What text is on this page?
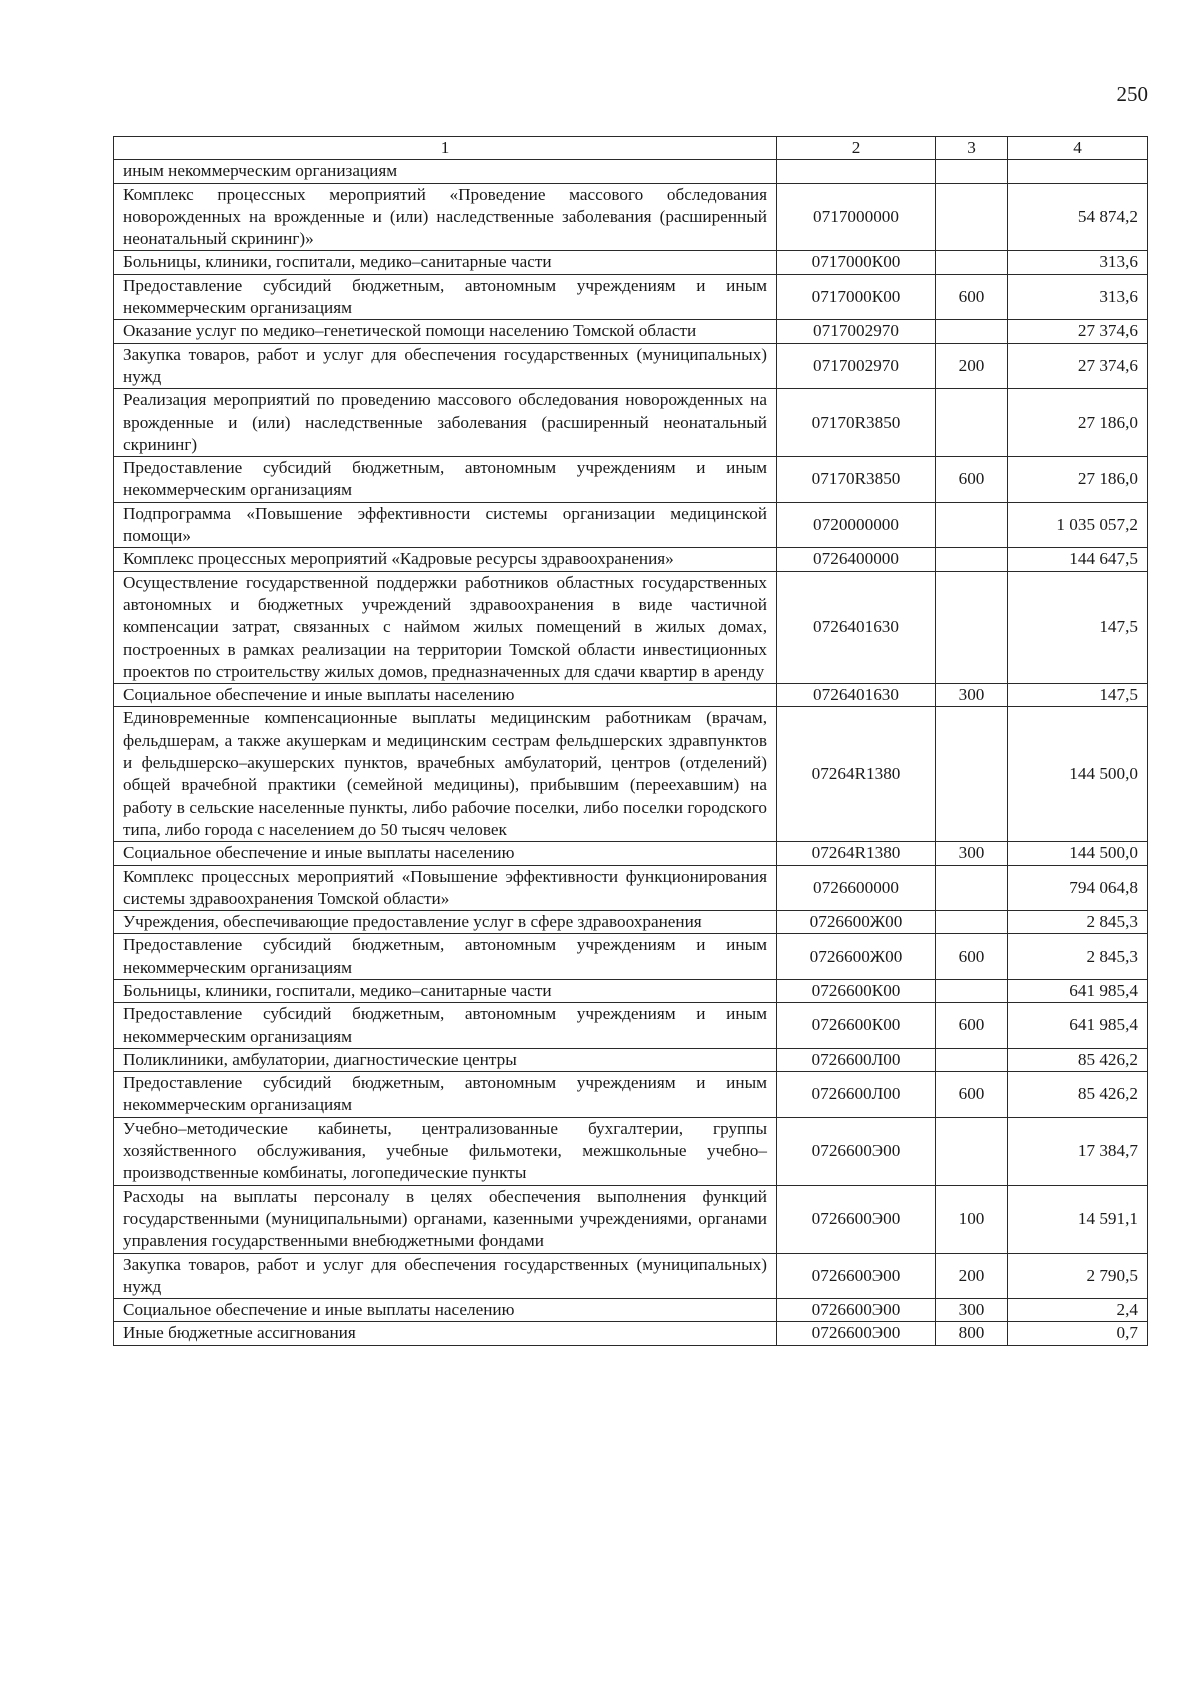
250
1	2	3	4
иным некоммерческим организациям			
Комплекс процессных мероприятий «Проведение массового обследования новорожденных на врожденные и (или) наследственные заболевания (расширенный неонатальный скрининг)»	0717000000		54 874,2
Больницы, клиники, госпитали, медико–санитарные части	0717000К00		313,6
Предоставление субсидий бюджетным, автономным учреждениям и иным некоммерческим организациям	0717000К00	600	313,6
Оказание услуг по медико–генетической помощи населению Томской области	0717002970		27 374,6
Закупка товаров, работ и услуг для обеспечения государственных (муниципальных) нужд	0717002970	200	27 374,6
Реализация мероприятий по проведению массового обследования новорожденных на врожденные и (или) наследственные заболевания (расширенный неонатальный скрининг)	07170R3850		27 186,0
Предоставление субсидий бюджетным, автономным учреждениям и иным некоммерческим организациям	07170R3850	600	27 186,0
Подпрограмма «Повышение эффективности системы организации медицинской помощи»	0720000000		1 035 057,2
Комплекс процессных мероприятий «Кадровые ресурсы здравоохранения»	0726400000		144 647,5
Осуществление государственной поддержки работников областных государственных автономных и бюджетных учреждений здравоохранения в виде частичной компенсации затрат, связанных с наймом жилых помещений в жилых домах, построенных в рамках реализации на территории Томской области инвестиционных проектов по строительству жилых домов, предназначенных для сдачи квартир в аренду	0726401630		147,5
Социальное обеспечение и иные выплаты населению	0726401630	300	147,5
Единовременные компенсационные выплаты медицинским работникам (врачам, фельдшерам, а также акушеркам и медицинским сестрам фельдшерских здравпунктов и фельдшерско–акушерских пунктов, врачебных амбулаторий, центров (отделений) общей врачебной практики (семейной медицины), прибывшим (переехавшим) на работу в сельские населенные пункты, либо рабочие поселки, либо поселки городского типа, либо города с населением до 50 тысяч человек	07264R1380		144 500,0
Социальное обеспечение и иные выплаты населению	07264R1380	300	144 500,0
Комплекс процессных мероприятий «Повышение эффективности функционирования системы здравоохранения Томской области»	0726600000		794 064,8
Учреждения, обеспечивающие предоставление услуг в сфере здравоохранения	0726600Ж00		2 845,3
Предоставление субсидий бюджетным, автономным учреждениям и иным некоммерческим организациям	0726600Ж00	600	2 845,3
Больницы, клиники, госпитали, медико–санитарные части	0726600К00		641 985,4
Предоставление субсидий бюджетным, автономным учреждениям и иным некоммерческим организациям	0726600К00	600	641 985,4
Поликлиники, амбулатории, диагностические центры	0726600Л00		85 426,2
Предоставление субсидий бюджетным, автономным учреждениям и иным некоммерческим организациям	0726600Л00	600	85 426,2
Учебно–методические кабинеты, централизованные бухгалтерии, группы хозяйственного обслуживания, учебные фильмотеки, межшкольные учебно–производственные комбинаты, логопедические пункты	0726600Э00		17 384,7
Расходы на выплаты персоналу в целях обеспечения выполнения функций государственными (муниципальными) органами, казенными учреждениями, органами управления государственными внебюджетными фондами	0726600Э00	100	14 591,1
Закупка товаров, работ и услуг для обеспечения государственных (муниципальных) нужд	0726600Э00	200	2 790,5
Социальное обеспечение и иные выплаты населению	0726600Э00	300	2,4
Иные бюджетные ассигнования	0726600Э00	800	0,7
